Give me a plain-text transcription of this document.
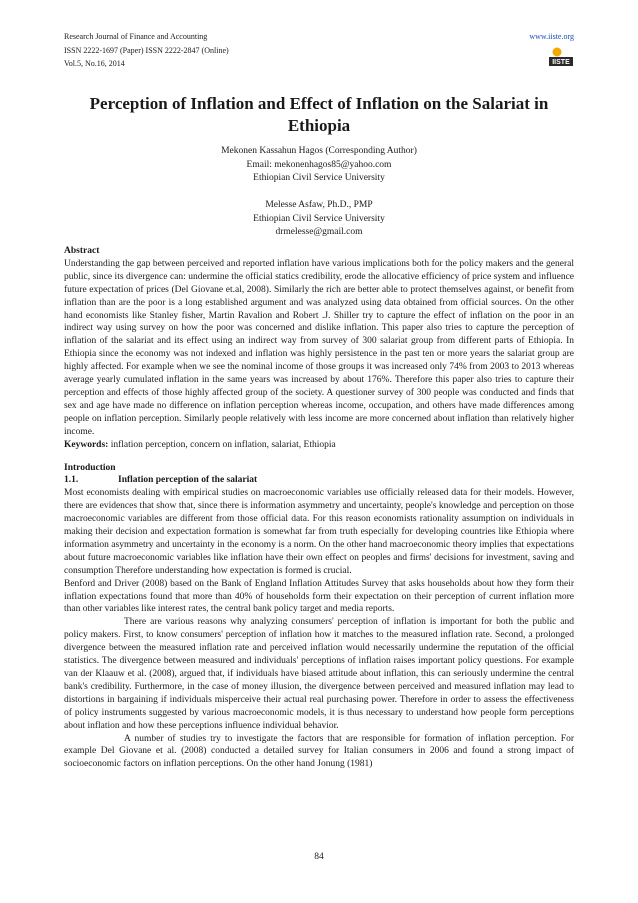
Research Journal of Finance and Accounting
ISSN 2222-1697 (Paper) ISSN 2222-2847 (Online)
Vol.5, No.16, 2014
www.iiste.org
IISTE
Perception of Inflation and Effect of Inflation on the Salariat in Ethiopia
Mekonen Kassahun Hagos (Corresponding Author)
Email: mekonenhagos85@yahoo.com
Ethiopian Civil Service University
Melesse Asfaw, Ph.D., PMP
Ethiopian Civil Service University
drmelesse@gmail.com
Abstract

Understanding the gap between perceived and reported inflation have various implications both for the policy makers and the general public, since its divergence can: undermine the official statics credibility, erode the allocative efficiency of price system and influence future expectation of prices (Del Giovane et.al, 2008). Similarly the rich are better able to protect themselves against, or benefit from inflation than are the poor is a long established argument and was analyzed using data obtained from official sources. On the other hand economists like Stanley fisher, Martin Ravalion and Robert .J. Shiller try to capture the effect of inflation on the poor in an indirect way using survey on how the poor was concerned and dislike inflation. This paper also tries to capture the perception of inflation of the salariat and its effect using an indirect way from survey of 300 salariat group from different parts of Ethiopia. In Ethiopia since the economy was not indexed and inflation was highly persistence in the past ten or more years the salariat group are highly affected. For example when we see the nominal income of those groups it was increased only 74% from 2003 to 2013 whereas average yearly cumulated inflation in the same years was increased by about 176%. Therefore this paper also tries to capture their perception and effects of those highly affected group of the society. A questioner survey of 300 people was conducted and finds that sex and age have made no difference on inflation perception whereas income, occupation, and others have made differences among people on inflation perception. Similarly people relatively with less income are more concerned about inflation than relatively higher income.

Keywords: inflation perception, concern on inflation, salariat, Ethiopia

Introduction
1.1.	Inflation perception of the salariat

Most economists dealing with empirical studies on macroeconomic variables use officially released data for their models. However, there are evidences that show that, since there is information asymmetry and uncertainty, people's knowledge and perception on those macroeconomic variables are different from those official data. For this reason economists rationality assumption on individuals in making their decision and expectation formation is somewhat far from truth especially for developing countries like Ethiopia where information asymmetry and uncertainty in the economy is a norm. On the other hand macroeconomic theory implies that expectations about future macroeconomic variables like inflation have their own effect on peoples and firms' decisions for investment, saving and consumption Therefore understanding how expectation is formed is crucial.

Benford and Driver (2008) based on the Bank of England Inflation Attitudes Survey that asks households about how they form their inflation expectations found that more than 40% of households form their expectation on their perception of current inflation more than other variables like interest rates, the central bank policy target and media reports.

There are various reasons why analyzing consumers' perception of inflation is important for both the public and policy makers. First, to know consumers' perception of inflation how it matches to the measured inflation rate. Second, a prolonged divergence between the measured inflation rate and perceived inflation would necessarily undermine the reputation of the official statistics. The divergence between measured and individuals' perceptions of inflation raises important policy questions. For example van der Klaauw et al. (2008), argued that, if individuals have biased attitude about inflation, this can seriously undermine the central bank's credibility. Furthermore, in the case of money illusion, the divergence between perceived and measured inflation may lead to distortions in bargaining if individuals misperceive their actual real purchasing power. Therefore in order to assess the effectiveness of policy instruments suggested by various macroeconomic models, it is thus necessary to understand how people form perceptions about inflation and how these perceptions influence individual behavior.

A number of studies try to investigate the factors that are responsible for formation of inflation perception. For example Del Giovane et al. (2008) conducted a detailed survey for Italian consumers in 2006 and found a strong impact of socioeconomic factors on inflation perceptions. On the other hand Jonung (1981)

84
